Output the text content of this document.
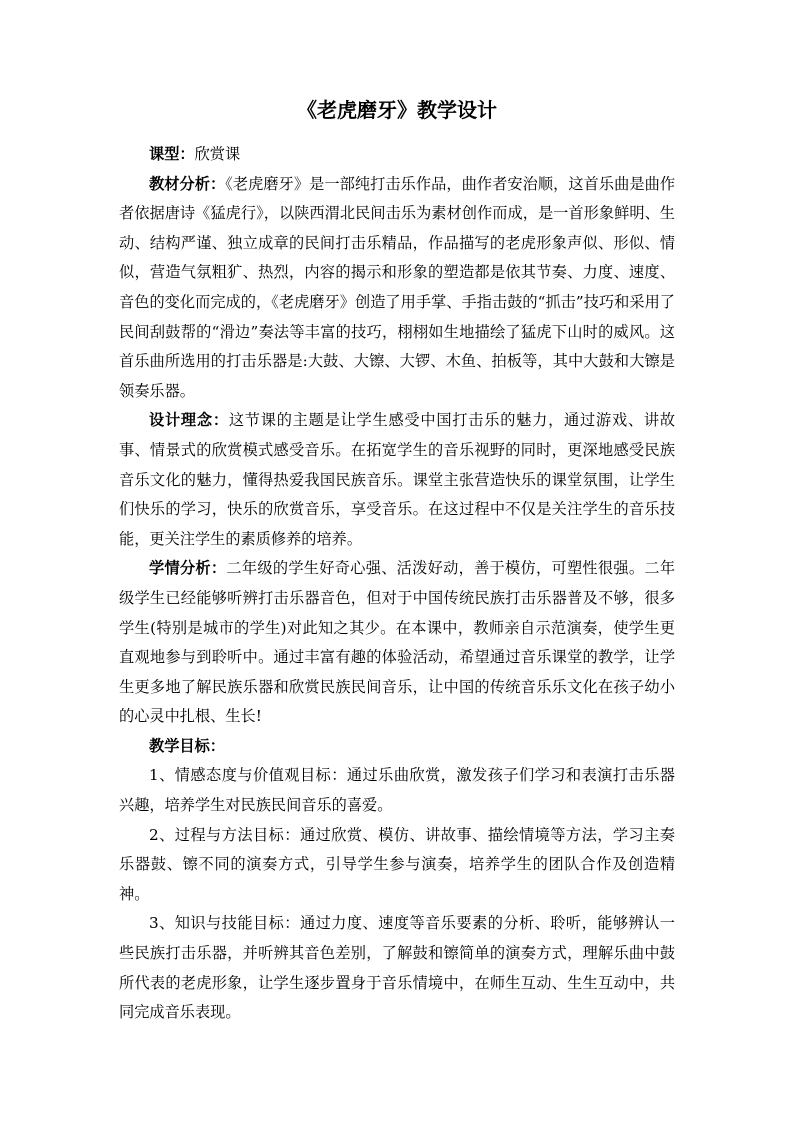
《老虎磨牙》教学设计

课型：欣赏课

教材分析：《老虎磨牙》是一部纯打击乐作品，曲作者安治顺，这首乐曲是曲作者依据唐诗《猛虎行》，以陕西渭北民间击乐为素材创作而成，是一首形象鲜明、生动、结构严谨、独立成章的民间打击乐精品，作品描写的老虎形象声似、形似、情似，营造气氛粗犷、热烈，内容的揭示和形象的塑造都是依其节奏、力度、速度、音色的变化而完成的，《老虎磨牙》创造了用手掌、手指击鼓的“抓击”技巧和采用了民间刮鼓帮的“滑边”奏法等丰富的技巧，栩栩如生地描绘了猛虎下山时的威风。这首乐曲所选用的打击乐器是:大鼓、大镲、大锣、木鱼、拍板等，其中大鼓和大镲是领奏乐器。

设计理念：这节课的主题是让学生感受中国打击乐的魅力，通过游戏、讲故事、情景式的欣赏模式感受音乐。在拓宽学生的音乐视野的同时，更深地感受民族音乐文化的魅力，懂得热爱我国民族音乐。课堂主张营造快乐的课堂氛围，让学生们快乐的学习，快乐的欣赏音乐，享受音乐。在这过程中不仅是关注学生的音乐技能，更关注学生的素质修养的培养。

学情分析：二年级的学生好奇心强、活泼好动，善于模仿，可塑性很强。二年级学生已经能够听辨打击乐器音色，但对于中国传统民族打击乐器普及不够，很多学生(特别是城市的学生)对此知之其少。在本课中，教师亲自示范演奏，使学生更直观地参与到聆听中。通过丰富有趣的体验活动，希望通过音乐课堂的教学，让学生更多地了解民族乐器和欣赏民族民间音乐，让中国的传统音乐乐文化在孩子幼小的心灵中扎根、生长!

教学目标：

1、情感态度与价值观目标：通过乐曲欣赏，激发孩子们学习和表演打击乐器兴趣，培养学生对民族民间音乐的喜爱。

2、过程与方法目标：通过欣赏、模仿、讲故事、描绘情境等方法，学习主奏乐器鼓、镲不同的演奏方式，引导学生参与演奏，培养学生的团队合作及创造精神。

3、知识与技能目标：通过力度、速度等音乐要素的分析、聆听，能够辨认一些民族打击乐器，并听辨其音色差别，了解鼓和镲简单的演奏方式，理解乐曲中鼓所代表的老虎形象，让学生逐步置身于音乐情境中，在师生互动、生生互动中，共同完成音乐表现。
